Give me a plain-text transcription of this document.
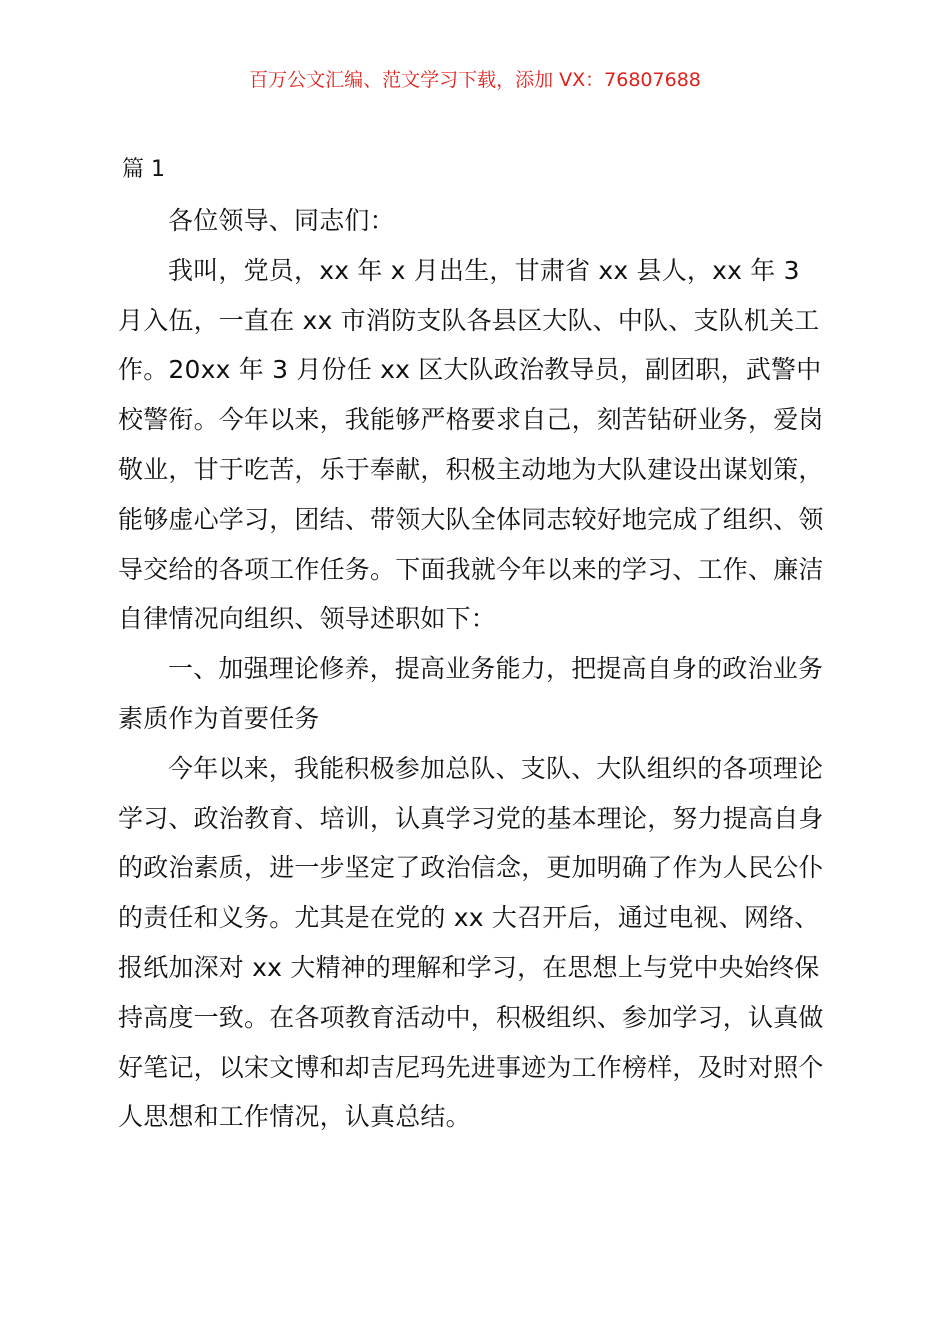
百万公文汇编、范文学习下载，添加 VX：76807688
篇 1

各位领导、同志们：

我叫，党员，xx 年 x 月出生，甘肃省 xx 县人，xx 年 3 月入伍，一直在 xx 市消防支队各县区大队、中队、支队机关工作。20xx 年 3 月份任 xx 区大队政治教导员，副团职，武警中校警衔。今年以来，我能够严格要求自己，刻苦钻研业务，爱岗敬业，甘于吃苦，乐于奉献，积极主动地为大队建设出谋划策，能够虚心学习，团结、带领大队全体同志较好地完成了组织、领导交给的各项工作任务。下面我就今年以来的学习、工作、廉洁自律情况向组织、领导述职如下：

一、加强理论修养，提高业务能力，把提高自身的政治业务素质作为首要任务

今年以来，我能积极参加总队、支队、大队组织的各项理论学习、政治教育、培训，认真学习党的基本理论，努力提高自身的政治素质，进一步坚定了政治信念，更加明确了作为人民公仆的责任和义务。尤其是在党的 xx 大召开后，通过电视、网络、报纸加深对 xx 大精神的理解和学习，在思想上与党中央始终保持高度一致。在各项教育活动中，积极组织、参加学习，认真做好笔记，以宋文博和却吉尼玛先进事迹为工作榜样，及时对照个人思想和工作情况，认真总结。
